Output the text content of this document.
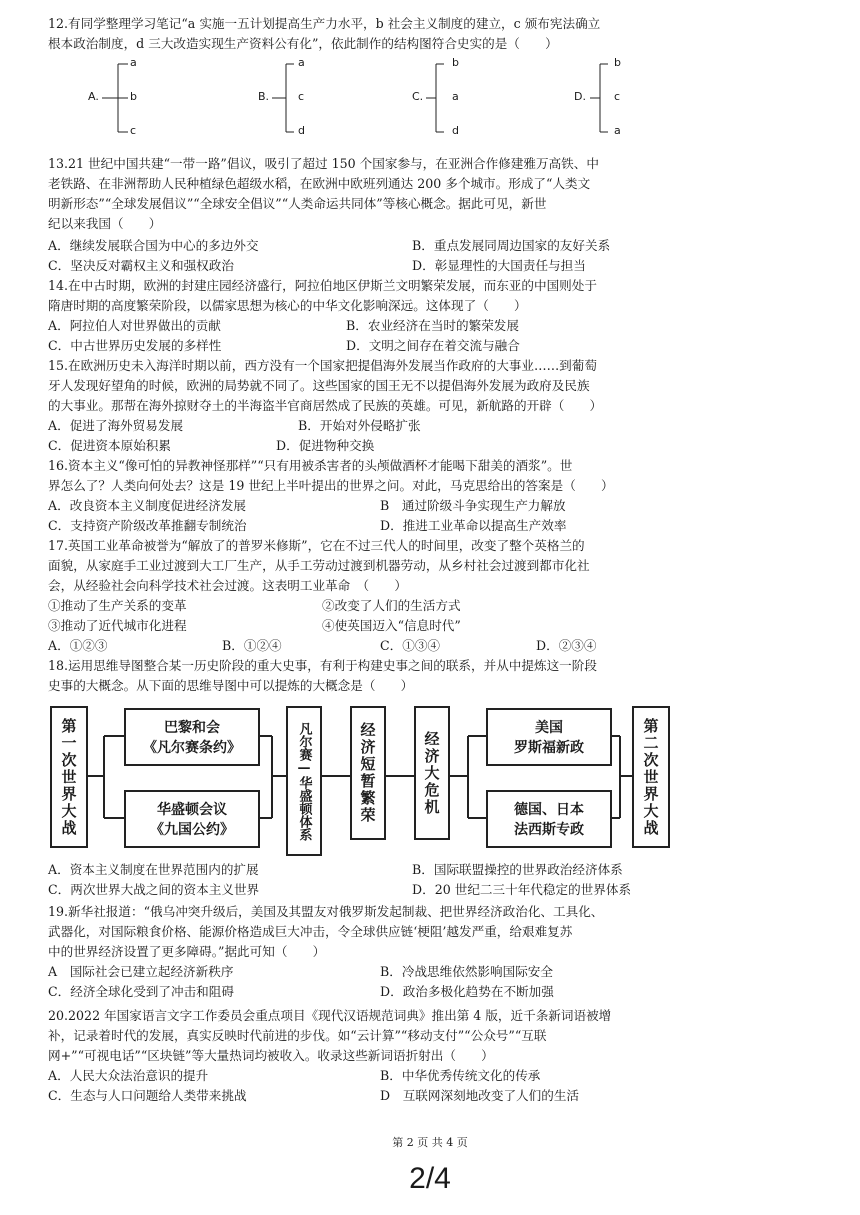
12.有同学整理学习笔记“a 实施一五计划提高生产力水平，b 社会主义制度的建立，c 颁布宪法确立
根本政治制度，d 三大改造实现生产资料公有化”，依此制作的结构图符合史实的是（　　）
A.
a
b
c
B.
a
c
d
C.
b
a
d
D.
b
c
a
13.21 世纪中国共建“一带一路”倡议，吸引了超过 150 个国家参与，在亚洲合作修建雅万高铁、中
老铁路、在非洲帮助人民种植绿色超级水稻，在欧洲中欧班列通达 200 多个城市。形成了“人类文
明新形态”“全球发展倡议”“全球安全倡议”“人类命运共同体”等核心概念。据此可见，新世
纪以来我国（　　）
A．继续发展联合国为中心的多边外交	B．重点发展同周边国家的友好关系
C．坚决反对霸权主义和强权政治	D．彰显理性的大国责任与担当
14.在中古时期，欧洲的封建庄园经济盛行，阿拉伯地区伊斯兰文明繁荣发展，而东亚的中国则处于
隋唐时期的高度繁荣阶段，以儒家思想为核心的中华文化影响深远。这体现了（　　）
A．阿拉伯人对世界做出的贡献	B．农业经济在当时的繁荣发展
C．中古世界历史发展的多样性	D．文明之间存在着交流与融合
15.在欧洲历史未入海洋时期以前，西方没有一个国家把提倡海外发展当作政府的大事业……到葡萄
牙人发现好望角的时候，欧洲的局势就不同了。这些国家的国王无不以提倡海外发展为政府及民族
的大事业。那帮在海外掠财夺土的半海盗半官商居然成了民族的英雄。可见，新航路的开辟（　　）
A．促进了海外贸易发展	B．开始对外侵略扩张
C．促进资本原始积累	D．促进物种交换
16.资本主义“像可怕的异教神怪那样”“只有用被杀害者的头颅做酒杯才能喝下甜美的酒浆”。世
界怎么了？人类向何处去？这是 19 世纪上半叶提出的世界之问。对此，马克思给出的答案是（　　）
A．改良资本主义制度促进经济发展	B　通过阶级斗争实现生产力解放
C．支持资产阶级改革推翻专制统治	D．推进工业革命以提高生产效率
17.英国工业革命被誉为“解放了的普罗米修斯”，它在不过三代人的时间里，改变了整个英格兰的
面貌，从家庭手工业过渡到大工厂生产，从手工劳动过渡到机器劳动，从乡村社会过渡到都市化社
会，从经验社会向科学技术社会过渡。这表明工业革命　（　　）
①推动了生产关系的变革	②改变了人们的生活方式
③推动了近代城市化进程	④使英国迈入“信息时代”
A．①②③	B．①②④	C．①③④	D．②③④
18.运用思维导图整合某一历史阶段的重大史事，有利于构建史事之间的联系，并从中提炼这一阶段
史事的大概念。从下面的思维导图中可以提炼的大概念是（　　）
第一次世界大战	巴黎和会
《凡尔赛条约》
华盛顿会议
《九国公约》	凡尔赛—华盛顿体系	经济短暂繁荣	经济大危机
美国
罗斯福新政
德国、日本
法西斯专政	第二次世界大战
A．资本主义制度在世界范围内的扩展	B．国际联盟操控的世界政治经济体系
C．两次世界大战之间的资本主义世界	D．20 世纪二三十年代稳定的世界体系
19.新华社报道：“俄乌冲突升级后，美国及其盟友对俄罗斯发起制裁、把世界经济政治化、工具化、
武器化，对国际粮食价格、能源价格造成巨大冲击，令全球供应链‘梗阻’越发严重，给艰难复苏
中的世界经济设置了更多障碍。”据此可知（　　）
A　国际社会已建立起经济新秩序	B．冷战思维依然影响国际安全
C．经济全球化受到了冲击和阻碍	D．政治多极化趋势在不断加强
20.2022 年国家语言文字工作委员会重点项目《现代汉语规范词典》推出第 4 版，近千条新词语被增
补，记录着时代的发展，真实反映时代前进的步伐。如“云计算”“移动支付”“公众号”“互联
网+”“可视电话”“区块链”等大量热词均被收入。收录这些新词语折射出（　　）
A．人民大众法治意识的提升	B．中华优秀传统文化的传承
C．生态与人口问题给人类带来挑战	D　互联网深刻地改变了人们的生活
第 2 页 共 4 页
2/4
